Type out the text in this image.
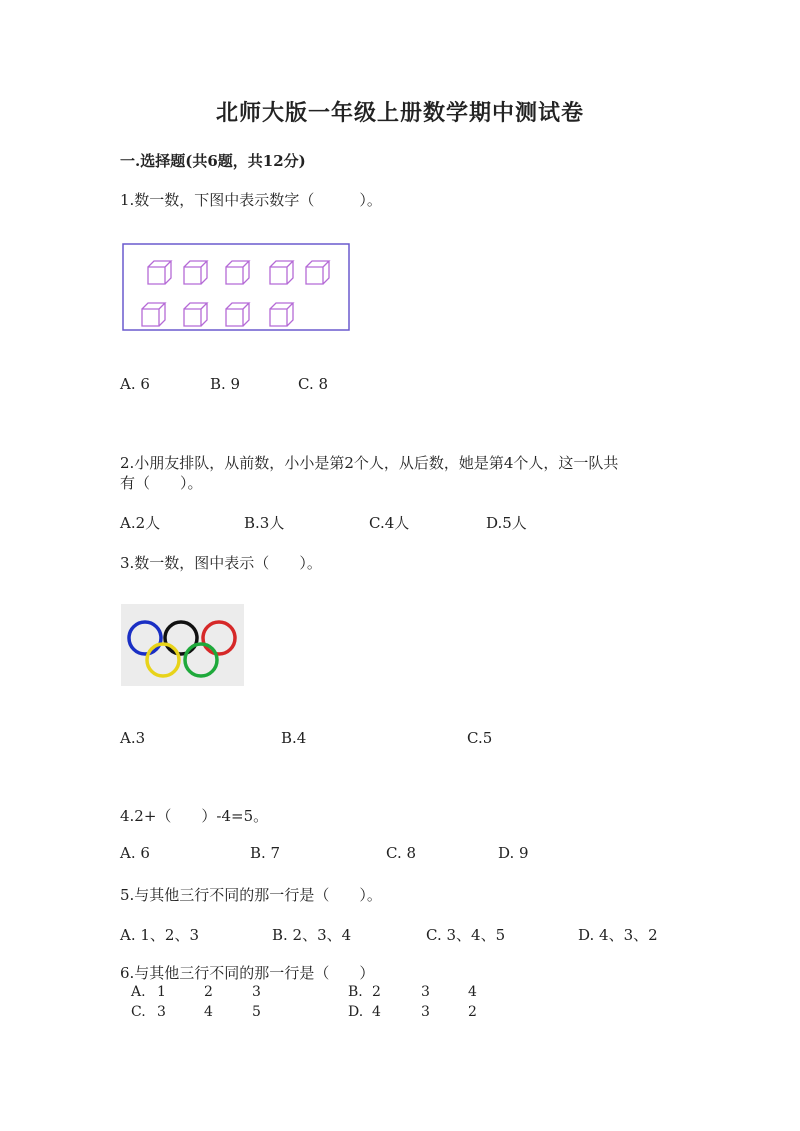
北师大版一年级上册数学期中测试卷
一.选择题(共6题，共12分)
1.数一数，下图中表示数字（　　　）。
A. 6	B. 9	C. 8
2.小朋友排队，从前数，小小是第2个人，从后数，她是第4个人，这一队共
有（　　）。
A.2人	B.3人	C.4人	D.5人
3.数一数，图中表示（　　）。
A.3	B.4	C.5
4.2+（　　）-4=5。
A. 6	B. 7	C. 8	D. 9
5.与其他三行不同的那一行是（　　）。
A. 1、2、3	B. 2、3、4	C. 3、4、5	D. 4、3、2
6.与其他三行不同的那一行是（　　）
A. 1	2	3	B. 2	3	4
C. 3	4	5	D. 4	3	2
